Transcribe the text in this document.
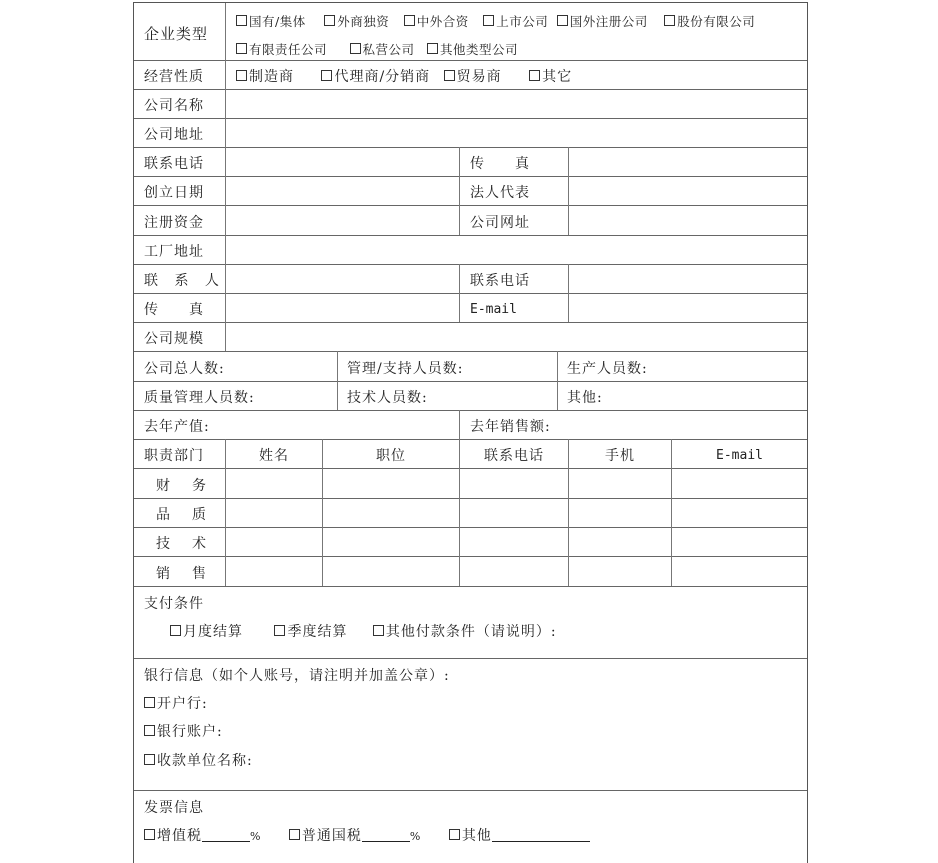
企业类型
国有/集体	外商独资 中外合资 上市公司 国外注册公司 股份有限公司
有限责任公司	私营公司 其他类型公司
经营性质	制造商	代理商/分销商 贸易商	其它
公司名称
公司地址
联系电话	传　　真
创立日期	法人代表
注册资金	公司网址
工厂地址
联 系 人	联系电话
传　　真	E-mail
公司规模
公司总人数:	管理/支持人员数:	生产人员数:
质量管理人员数:	技术人员数:	其他:
去年产值:	去年销售额:
职责部门	姓名	职位	联系电话	手机	E-mail
财　务
品　质
技　术
销　售
支付条件
月度结算	季度结算	其他付款条件（请说明）:
银行信息（如个人账号，请注明并加盖公章）:
开户行:
银行账户:
收款单位名称:
发票信息
增值税	%	普通国税	%	其他
